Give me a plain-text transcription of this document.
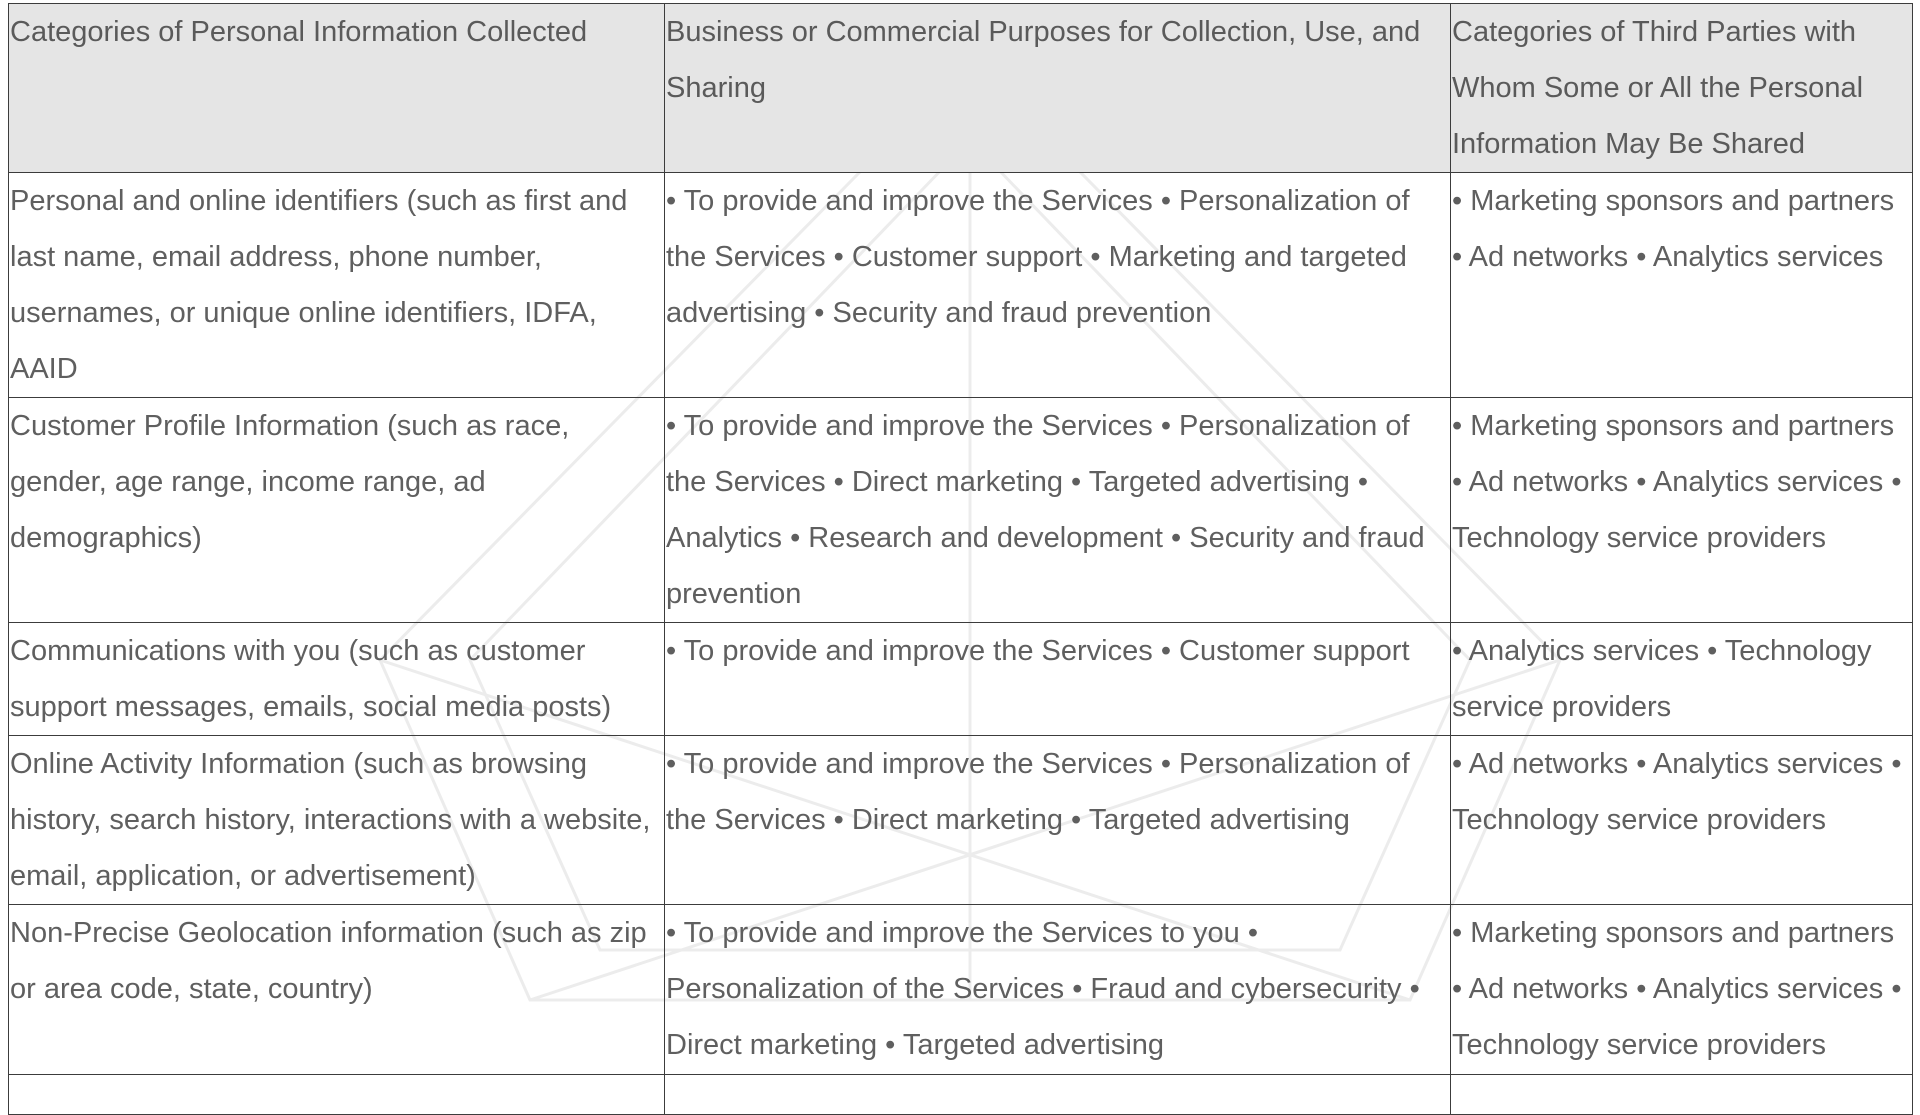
Categories of Personal Information Collected	Business or Commercial Purposes for Collection, Use, and Sharing	Categories of Third Parties with Whom Some or All the Personal Information May Be Shared
Personal and online identifiers (such as first and last name, email address, phone number, usernames, or unique online identifiers, IDFA, AAID	• To provide and improve the Services • Personalization of the Services • Customer support • Marketing and targeted advertising • Security and fraud prevention	• Marketing sponsors and partners • Ad networks • Analytics services
Customer Profile Information (such as race, gender, age range, income range, ad demographics)	• To provide and improve the Services • Personalization of the Services • Direct marketing • Targeted advertising • Analytics • Research and development • Security and fraud prevention	• Marketing sponsors and partners • Ad networks • Analytics services • Technology service providers
Communications with you (such as customer support messages, emails, social media posts)	• To provide and improve the Services • Customer support	• Analytics services • Technology service providers
Online Activity Information (such as browsing history, search history, interactions with a website, email, application, or advertisement)	• To provide and improve the Services • Personalization of the Services • Direct marketing • Targeted advertising	• Ad networks • Analytics services • Technology service providers
Non-Precise Geolocation information (such as zip or area code, state, country)	• To provide and improve the Services to you • Personalization of the Services • Fraud and cybersecurity • Direct marketing • Targeted advertising	• Marketing sponsors and partners • Ad networks • Analytics services • Technology service providers
